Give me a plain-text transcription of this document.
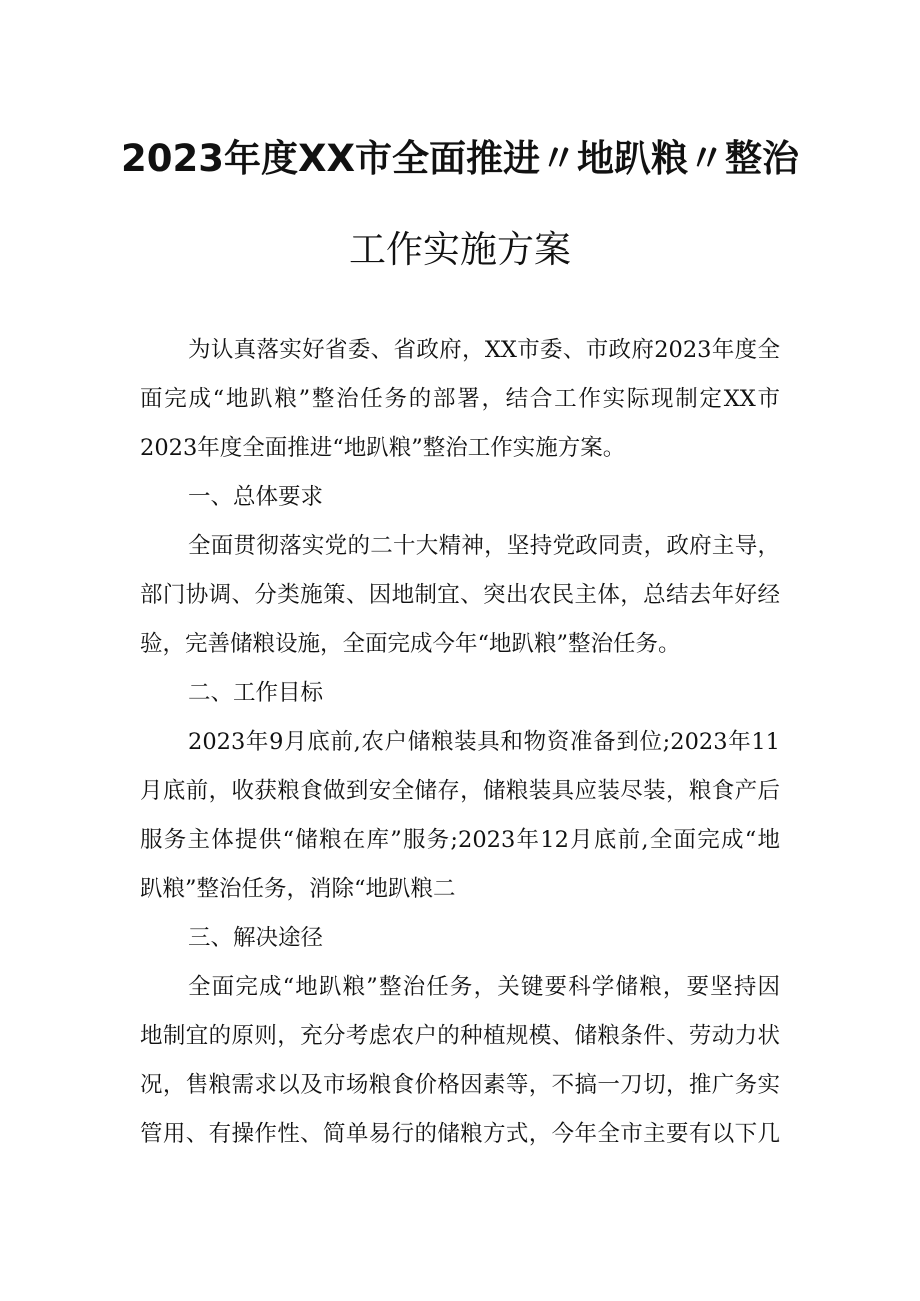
2023年度XX市全面推进〃地趴粮〃整治
工作实施方案
为认真落实好省委、省政府，XX市委、市政府2023年度全
面完成“地趴粮”整治任务的部署，结合工作实际现制定XX市
2023年度全面推进“地趴粮”整治工作实施方案。
一、总体要求
全面贯彻落实党的二十大精神，坚持党政同责，政府主导，
部门协调、分类施策、因地制宜、突出农民主体，总结去年好经
验，完善储粮设施，全面完成今年“地趴粮”整治任务。
二、工作目标
2023年9月底前,农户储粮装具和物资准备到位;2023年11
月底前，收获粮食做到安全储存，储粮装具应装尽装，粮食产后
服务主体提供“储粮在库”服务;2023年12月底前,全面完成“地
趴粮”整治任务，消除“地趴粮二
三、解决途径
全面完成“地趴粮”整治任务，关键要科学储粮，要坚持因
地制宜的原则，充分考虑农户的种植规模、储粮条件、劳动力状
况，售粮需求以及市场粮食价格因素等，不搞一刀切，推广务实
管用、有操作性、简单易行的储粮方式，今年全市主要有以下几
